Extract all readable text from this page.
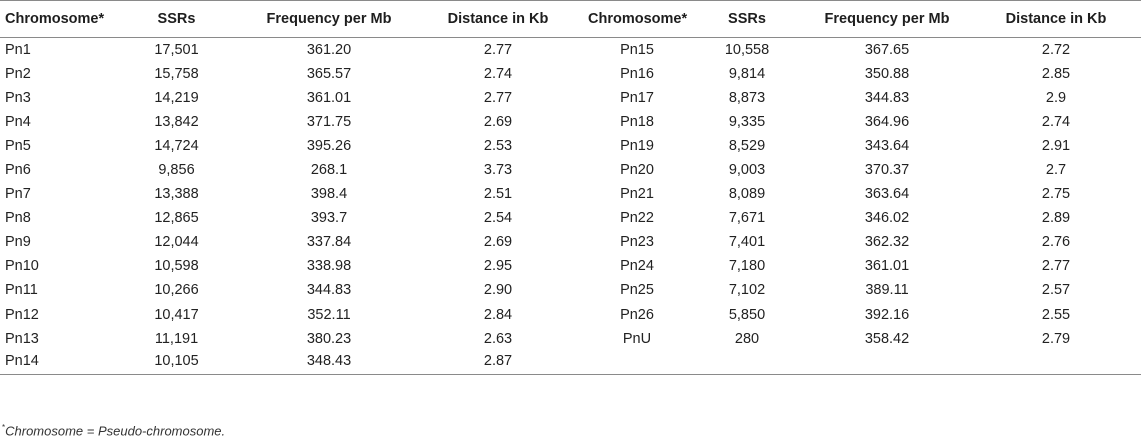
Chromosome*	SSRs	Frequency per Mb	Distance in Kb	Chromosome*	SSRs	Frequency per Mb	Distance in Kb
Pn1	17,501	361.20	2.77	Pn15	10,558	367.65	2.72
Pn2	15,758	365.57	2.74	Pn16	9,814	350.88	2.85
Pn3	14,219	361.01	2.77	Pn17	8,873	344.83	2.9
Pn4	13,842	371.75	2.69	Pn18	9,335	364.96	2.74
Pn5	14,724	395.26	2.53	Pn19	8,529	343.64	2.91
Pn6	9,856	268.1	3.73	Pn20	9,003	370.37	2.7
Pn7	13,388	398.4	2.51	Pn21	8,089	363.64	2.75
Pn8	12,865	393.7	2.54	Pn22	7,671	346.02	2.89
Pn9	12,044	337.84	2.69	Pn23	7,401	362.32	2.76
Pn10	10,598	338.98	2.95	Pn24	7,180	361.01	2.77
Pn11	10,266	344.83	2.90	Pn25	7,102	389.11	2.57
Pn12	10,417	352.11	2.84	Pn26	5,850	392.16	2.55
Pn13	11,191	380.23	2.63	PnU	280	358.42	2.79
Pn14	10,105	348.43	2.87				
*Chromosome = Pseudo-chromosome.
